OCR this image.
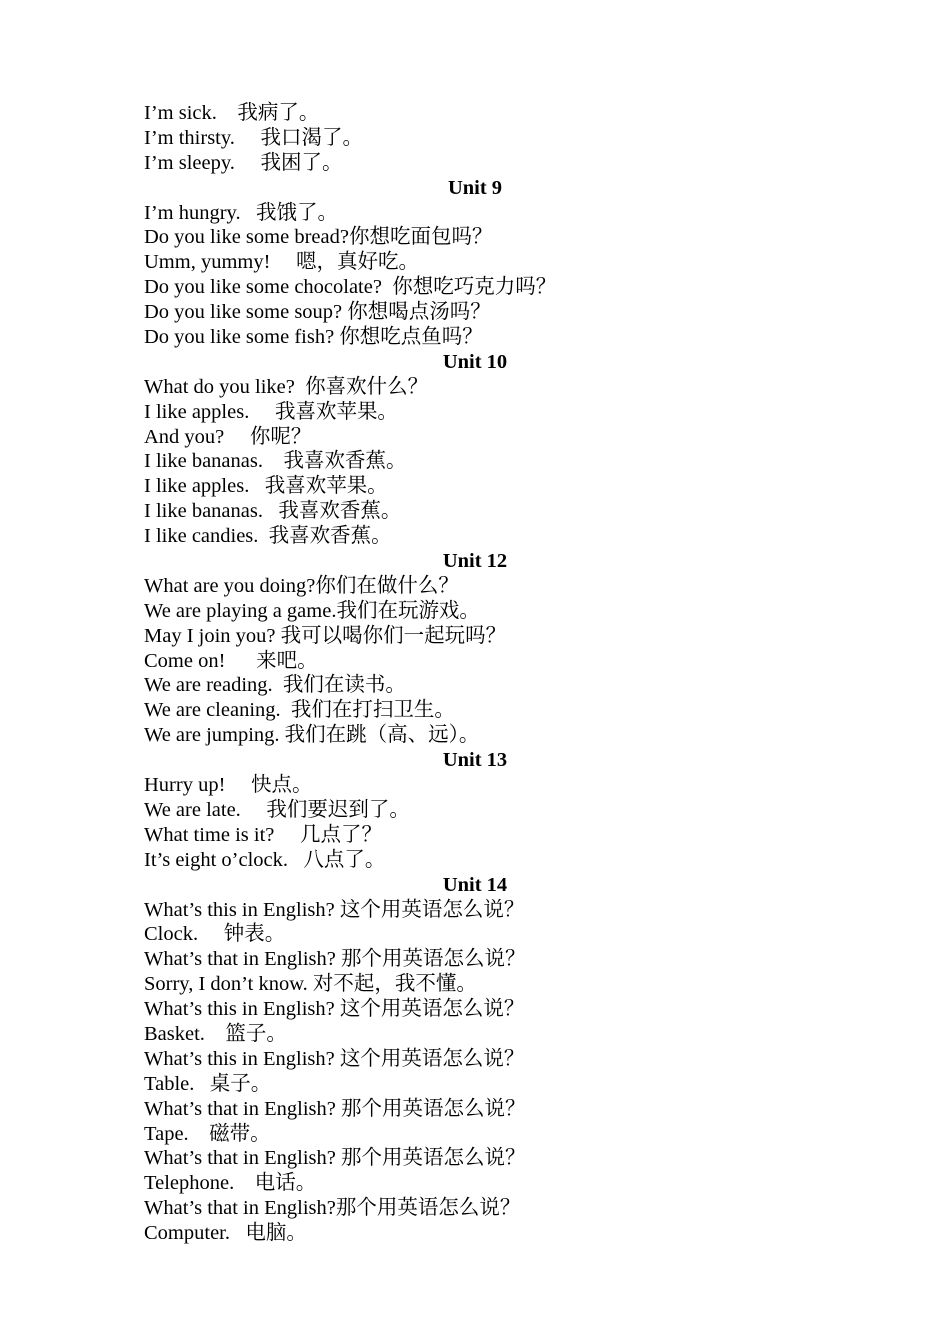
I’m sick.    我病了。
I’m thirsty.     我口渴了。
I’m sleepy.     我困了。
Unit 9
I’m hungry.   我饿了。
Do you like some bread?你想吃面包吗？
Umm, yummy!     嗯，真好吃。
Do you like some chocolate?  你想吃巧克力吗？
Do you like some soup? 你想喝点汤吗？
Do you like some fish? 你想吃点鱼吗？
Unit 10
What do you like?  你喜欢什么？
I like apples.     我喜欢苹果。
And you?     你呢？
I like bananas.    我喜欢香蕉。
I like apples.   我喜欢苹果。
I like bananas.   我喜欢香蕉。
I like candies.  我喜欢香蕉。
Unit 12
What are you doing?你们在做什么？
We are playing a game.我们在玩游戏。
May I join you? 我可以喝你们一起玩吗？
Come on!      来吧。
We are reading.  我们在读书。
We are cleaning.  我们在打扫卫生。
We are jumping. 我们在跳（高、远）。
Unit 13
Hurry up!     快点。
We are late.     我们要迟到了。
What time is it?     几点了？
It’s eight o’clock.   八点了。
Unit 14
What’s this in English? 这个用英语怎么说？
Clock.     钟表。
What’s that in English? 那个用英语怎么说？
Sorry, I don’t know. 对不起，我不懂。
What’s this in English? 这个用英语怎么说？
Basket.    篮子。
What’s this in English? 这个用英语怎么说？
Table.   桌子。
What’s that in English? 那个用英语怎么说？
Tape.    磁带。
What’s that in English? 那个用英语怎么说？
Telephone.    电话。
What’s that in English?那个用英语怎么说？
Computer.   电脑。
